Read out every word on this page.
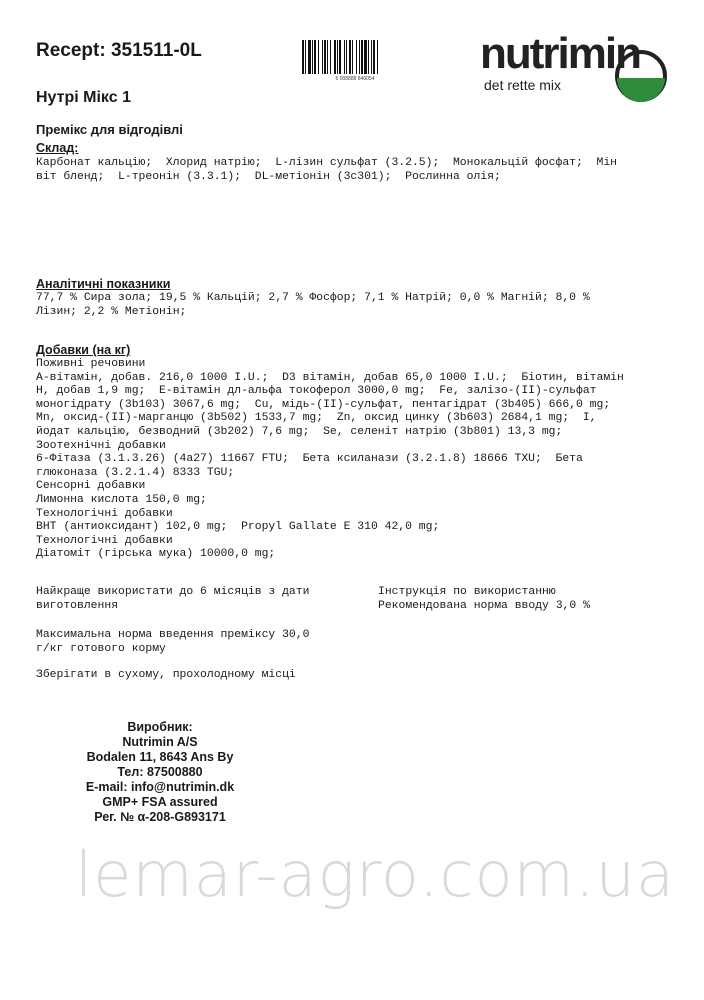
Recept: 351511-0L
6 008888 840054
nutrimin
det rette mix
Нутрі Мікс 1
Премікс для відгодівлі
Склад:
Карбонат кальцію;  Хлорид натрію;  L-лізин сульфат (3.2.5);  Монокальцій фосфат;  Мін
віт бленд;  L-треонін (3.3.1);  DL-метіонін (3c301);  Рослинна олія;
Аналітичні показники
77,7 % Сира зола; 19,5 % Кальцій; 2,7 % Фосфор; 7,1 % Натрій; 0,0 % Магній; 8,0 %
Лізин; 2,2 % Метіонін;
Добавки (на кг)
Поживні речовини
A-вітамін, добав. 216,0 1000 I.U.;  D3 вітамін, добав 65,0 1000 I.U.;  Біотин, вітамін
H, добав 1,9 mg;  E-вітамін дл-альфа токоферол 3000,0 mg;  Fe, залізо-(II)-сульфат
моногідрату (3b103) 3067,6 mg;  Cu, мідь-(II)-сульфат, пентагідрат (3b405) 666,0 mg;
Mn, оксид-(II)-марганцю (3b502) 1533,7 mg;  Zn, оксид цинку (3b603) 2684,1 mg;  I,
йодат кальцію, безводний (3b202) 7,6 mg;  Se, селеніт натрію (3b801) 13,3 mg;
Зоотехнічні добавки
6-Фітаза (3.1.3.26) (4a27) 11667 FTU;  Бета ксиланази (3.2.1.8) 18666 TXU;  Бета
глюконаза (3.2.1.4) 8333 TGU;
Сенсорні добавки
Лимонна кислота 150,0 mg;
Технологічні добавки
BHT (антиоксидант) 102,0 mg;  Propyl Gallate E 310 42,0 mg;
Технологічні добавки
Діатоміт (гірська мука) 10000,0 mg;
Найкраще використати до 6 місяців з дати
виготовлення
Інструкція по використанню
Рекомендована норма вводу 3,0 %
Максимальна норма введення преміксу 30,0
г/кг готового корму
Зберігати в сухому, прохолодному місці
Виробник:
Nutrimin A/S
Bodalen 11, 8643 Ans By
Тел: 87500880
E-mail: info@nutrimin.dk
GMP+ FSA assured
Рег. № α-208-G893171
lemar-agro.com.ua
